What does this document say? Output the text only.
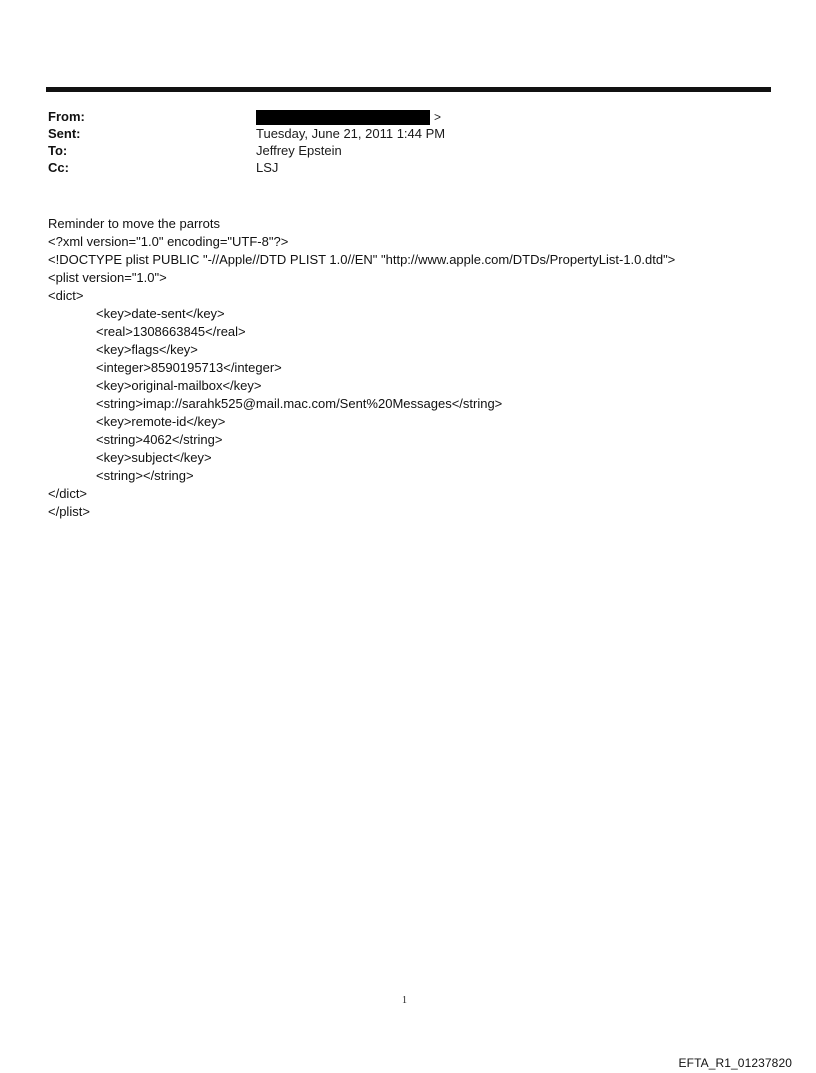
From:	>
Sent:	Tuesday, June 21, 2011 1:44 PM
To:	Jeffrey Epstein
Cc:	LSJ
Reminder to move the parrots
<?xml version="1.0" encoding="UTF-8"?>
<!DOCTYPE plist PUBLIC "-//Apple//DTD PLIST 1.0//EN" "http://www.apple.com/DTDs/PropertyList-1.0.dtd">
<plist version="1.0">
<dict>
<key>date-sent</key>
<real>1308663845</real>
<key>flags</key>
<integer>8590195713</integer>
<key>original-mailbox</key>
<string>imap://sarahk525@mail.mac.com/Sent%20Messages</string>
<key>remote-id</key>
<string>4062</string>
<key>subject</key>
<string></string>
</dict>
</plist>
1
EFTA_R1_01237820
